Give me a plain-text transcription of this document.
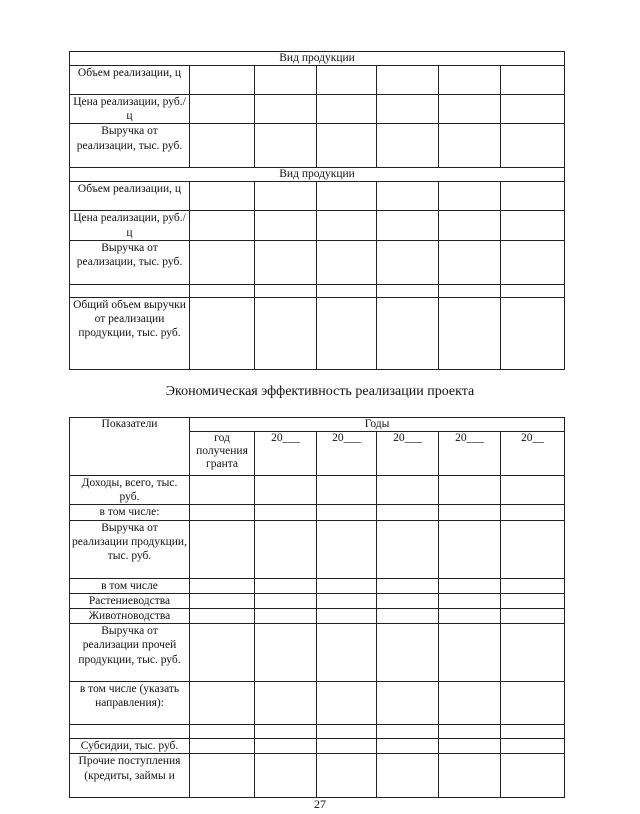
Вид продукции						
Объем реализации, ц						
Цена реализации, руб./ц						
Выручка от реализации, тыс. руб.						
Вид продукции						
Объем реализации, ц						
Цена реализации, руб./ц						
Выручка от реализации, тыс. руб.						

Общий объем выручки от реализации продукции, тыс. руб.						
Экономическая эффективность реализации проекта
Показатели	Годы					
	год получения гранта	20___	20___	20___	20___	20__
Доходы, всего, тыс. руб.						
в том числе:						
Выручка от реализации продукции, тыс. руб.						
в том числе						
Растениеводства						
Животноводства						
Выручка от реализации прочей продукции, тыс. руб.						
в том числе (указать направления):						

Субсидии, тыс. руб.						
Прочие поступления (кредиты, займы и						
27
